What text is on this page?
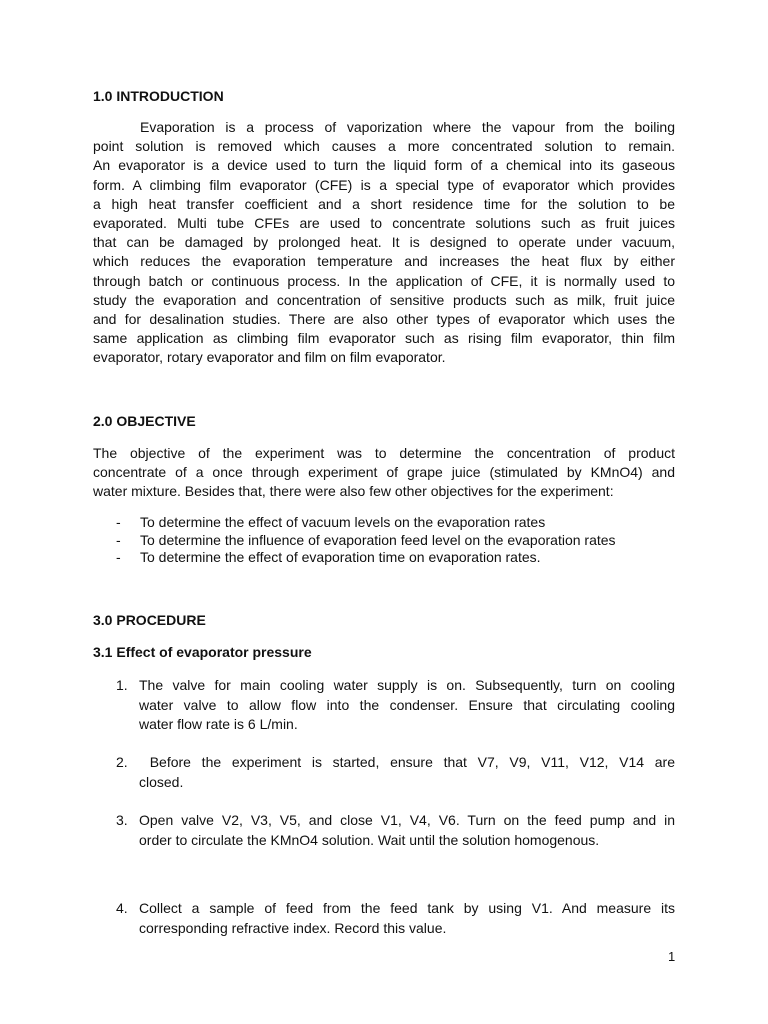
1.0 INTRODUCTION
Evaporation is a process of vaporization where the vapour from the boiling
point solution is removed which causes a more concentrated solution to remain.
An evaporator is a device used to turn the liquid form of a chemical into its gaseous
form. A climbing film evaporator (CFE) is a special type of evaporator which provides
a high heat transfer coefficient and a short residence time for the solution to be
evaporated. Multi tube CFEs are used to concentrate solutions such as fruit juices
that can be damaged by prolonged heat. It is designed to operate under vacuum,
which reduces the evaporation temperature and increases the heat flux by either
through batch or continuous process. In the application of CFE, it is normally used to
study the evaporation and concentration of sensitive products such as milk, fruit juice
and for desalination studies. There are also other types of evaporator which uses the
same application as climbing film evaporator such as rising film evaporator, thin film
evaporator, rotary evaporator and film on film evaporator.
2.0 OBJECTIVE
The objective of the experiment was to determine the concentration of product
concentrate of a once through experiment of grape juice (stimulated by KMnO4) and
water mixture. Besides that, there were also few other objectives for the experiment:
-	To determine the effect of vacuum levels on the evaporation rates
-	To determine the influence of evaporation feed level on the evaporation rates
-	To determine the effect of evaporation time on evaporation rates.
3.0 PROCEDURE
3.1 Effect of evaporator pressure
1. The valve for main cooling water supply is on. Subsequently, turn on cooling
water valve to allow flow into the condenser. Ensure that circulating cooling
water flow rate is 6 L/min.
2. Before the experiment is started, ensure that V7, V9, V11, V12, V14 are
closed.
3. Open valve V2, V3, V5, and close V1, V4, V6. Turn on the feed pump and in
order to circulate the KMnO4 solution. Wait until the solution homogenous.
4. Collect a sample of feed from the feed tank by using V1. And measure its
corresponding refractive index. Record this value.
1
